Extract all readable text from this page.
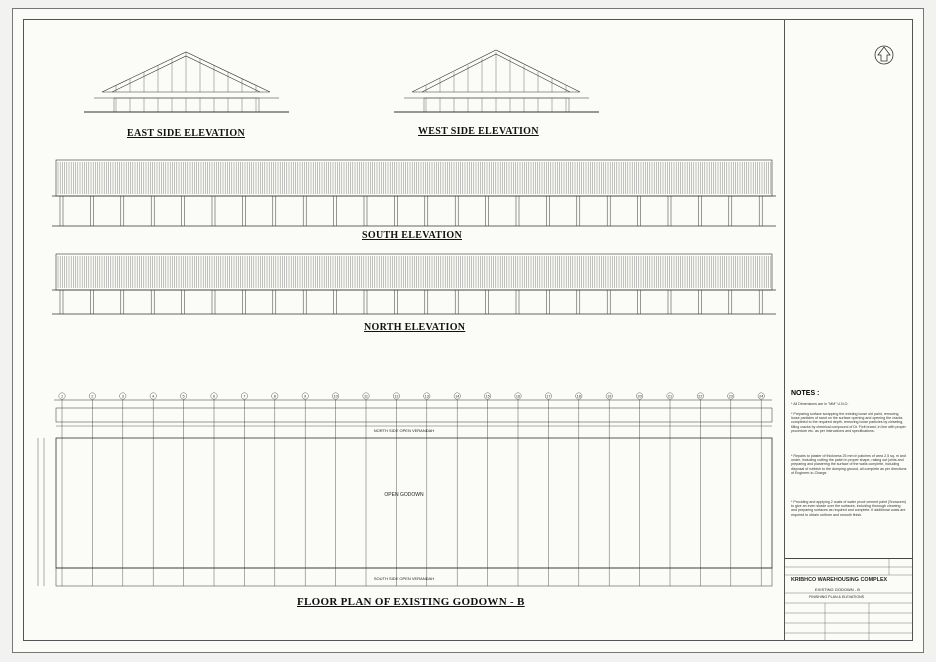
1	2	3	4	5	6	7	8	9	10	11	12	13	14	15	16	17	18	19	20	21	22	23	24
OPEN GODOWN
NORTH SIDE OPEN VERANDAH
SOUTH SIDE OPEN VERANDAH
EAST SIDE ELEVATION	WEST SIDE ELEVATION
SOUTH ELEVATION
NORTH ELEVATION
FLOOR PLAN OF EXISTING GODOWN - B
NOTES :
* All Dimensions are in "MM" U.N.O.
* Preparing surface scrapping the existing loose old paint, removing loose particles of sand on the surface opening and opening the cracks completed to the required depth, removing loose particles by chiseling, filling cracks by chemical compound of Dr. Fixit brand, in line with proper procedure etc. as per instructions and specifications.
* Repairs to plaster of thickness 25 mm in patches of area 2.5 sq. m and under, including cutting the patch in proper shape, raking out joints and preparing and plastering the surface of the walls complete, including disposal of rubbish to the dumping ground, all complete as per directions of Engineer-in-Charge.
* Providing and applying 2 coats of water proof cement paint (Snowcem) to give an even shade over the surfaces, including thorough cleaning and preparing surfaces as required and complete. If additional coats are required to obtain uniform and smooth finish.
KRIBHCO WAREHOUSING COMPLEX
EXISTING GODOWN - B
FINISHING PLAN & ELEVATIONS
